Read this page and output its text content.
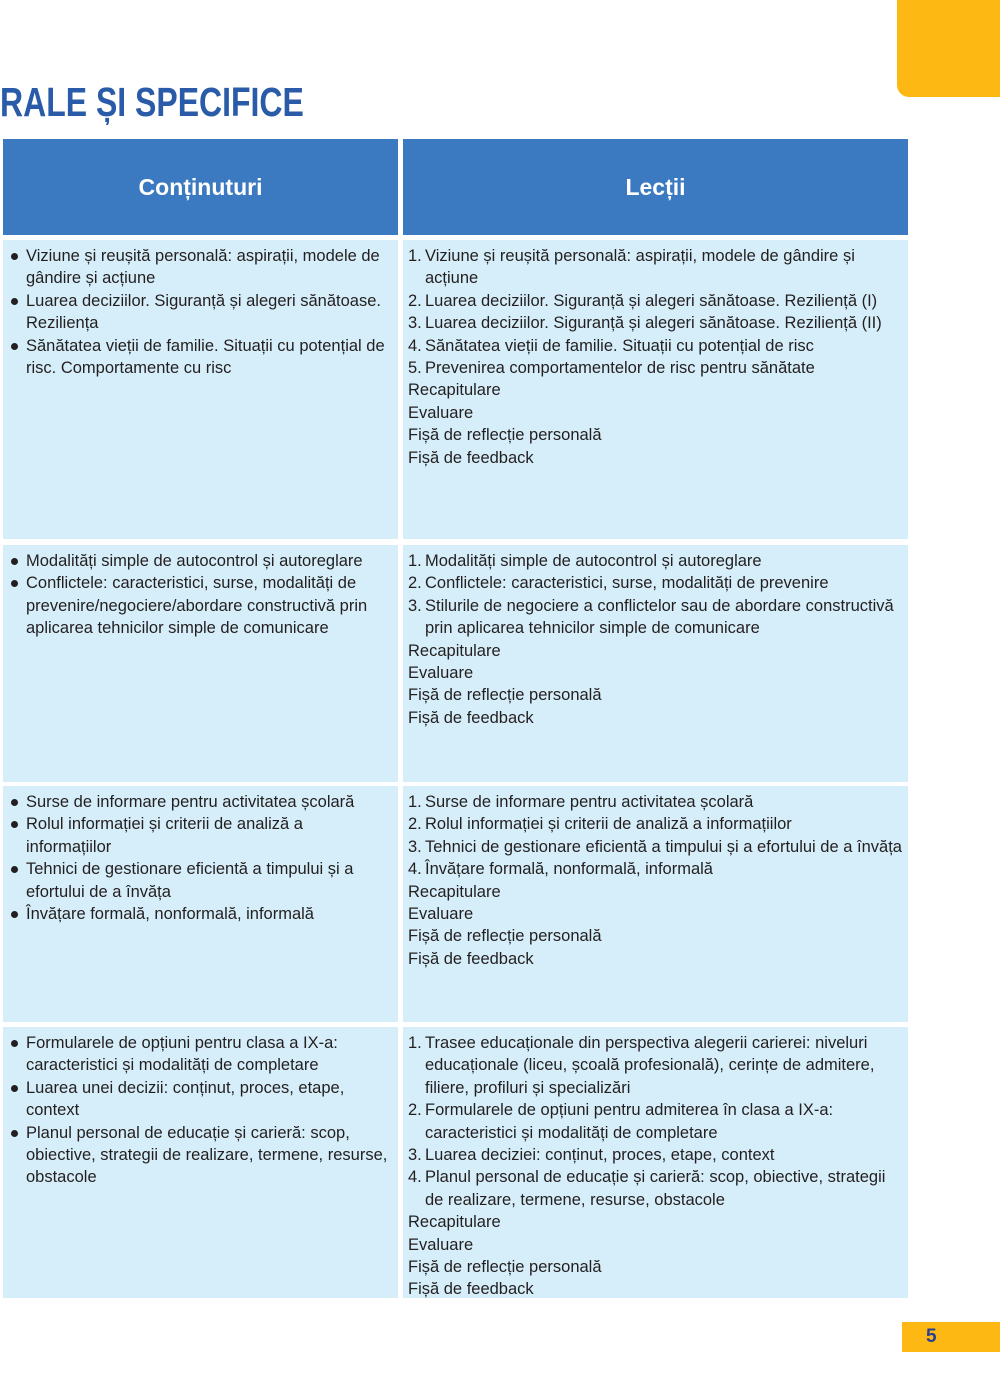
RALE ȘI SPECIFICE
Conținuturi	Lecții
Viziune și reușită personală: aspirații, modele de gândire și acțiune
Luarea deciziilor. Siguranță și alegeri sănătoase. Reziliența
Sănătatea vieții de familie. Situații cu potențial de risc. Comportamente cu risc
1. Viziune și reușită personală: aspirații, modele de gândire și acțiune
2. Luarea deciziilor. Siguranță și alegeri sănătoase. Reziliență (I)
3. Luarea deciziilor. Siguranță și alegeri sănătoase. Reziliență (II)
4. Sănătatea vieții de familie. Situații cu potențial de risc
5. Prevenirea comportamentelor de risc pentru sănătate
Recapitulare
Evaluare
Fișă de reflecție personală
Fișă de feedback
Modalități simple de autocontrol și autoreglare
Conflictele: caracteristici, surse, modalități de prevenire/negociere/abordare constructivă prin aplicarea tehnicilor simple de comunicare
1. Modalități simple de autocontrol și autoreglare
2. Conflictele: caracteristici, surse, modalități de prevenire
3. Stilurile de negociere a conflictelor sau de abordare constructivă prin aplicarea tehnicilor simple de comunicare
Recapitulare
Evaluare
Fișă de reflecție personală
Fișă de feedback
Surse de informare pentru activitatea școlară
Rolul informației și criterii de analiză a informațiilor
Tehnici de gestionare eficientă a timpului și a efortului de a învăța
Învățare formală, nonformală, informală
1. Surse de informare pentru activitatea școlară
2. Rolul informației și criterii de analiză a informațiilor
3. Tehnici de gestionare eficientă a timpului și a efortului de a învăța
4. Învățare formală, nonformală, informală
Recapitulare
Evaluare
Fișă de reflecție personală
Fișă de feedback
Formularele de opțiuni pentru clasa a IX-a: caracteristici și modalități de completare
Luarea unei decizii: conținut, proces, etape, context
Planul personal de educație și carieră: scop, obiective, strategii de realizare, termene, resurse, obstacole
1. Trasee educaționale din perspectiva alegerii carierei: niveluri educaționale (liceu, școală profesională), cerințe de admitere, filiere, profiluri și specializări
2. Formularele de opțiuni pentru admiterea în clasa a IX-a: caracteristici și modalități de completare
3. Luarea deciziei: conținut, proces, etape, context
4. Planul personal de educație și carieră: scop, obiective, strategii de realizare, termene, resurse, obstacole
Recapitulare
Evaluare
Fișă de reflecție personală
Fișă de feedback
5
